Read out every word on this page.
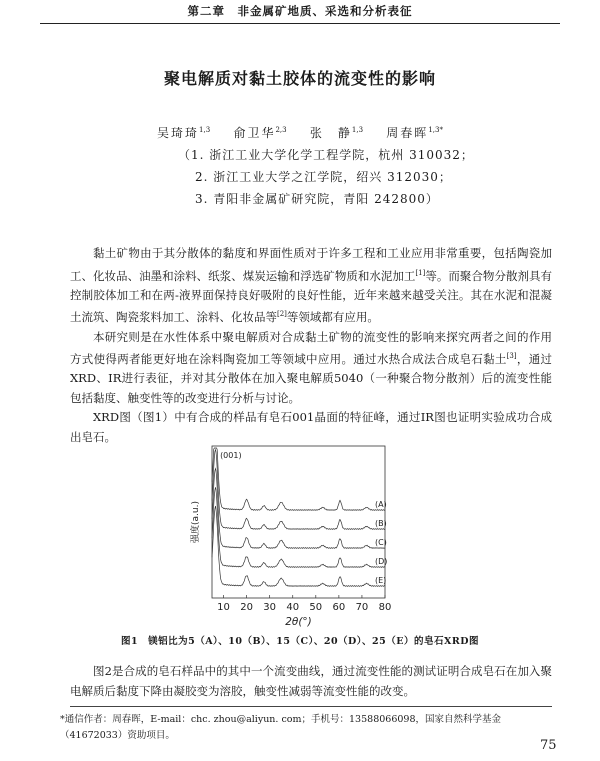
第二章　非金属矿地质、采选和分析表征
聚电解质对黏土胶体的流变性的影响
吴琦琦$^{1,3}$ 俞卫华$^{2,3}$ 张　静$^{1,3}$ 周春晖$^{1,3*}$
（1. 浙江工业大学化学工程学院，杭州 310032；
2. 浙江工业大学之江学院，绍兴 312030；
3. 青阳非金属矿研究院，青阳 242800）

黏土矿物由于其分散体的黏度和界面性质对于许多工程和工业应用非常重要，包括陶瓷加工、化妆品、油墨和涂料、纸浆、煤炭运输和浮选矿物质和水泥加工[1]等。而聚合物分散剂具有控制胶体加工和在两-液界面保持良好吸附的良好性能，近年来越来越受关注。其在水泥和混凝土流筑、陶瓷浆料加工、涂料、化妆品等[2]等领域都有应用。

本研究则是在水性体系中聚电解质对合成黏土矿物的流变性的影响来探究两者之间的作用方式使得两者能更好地在涂料陶瓷加工等领域中应用。通过水热合成法合成皂石黏土[3]，通过XRD、IR进行表征，并对其分散体在加入聚电解质5040（一种聚合物分散剂）后的流变性能包括黏度、触变性等的改变进行分析与讨论。

XRD图（图1）中有合成的样品有皂石001晶面的特征峰，通过IR图也证明实验成功合成出皂石。

10 20 30 40 50 60 70 80
2θ(°)
强度(a.u.)	(A)
(B)
(C)
(D)
(E)
(001)
图1　镁铝比为5（A）、10（B）、15（C）、20（D）、25（E）的皂石XRD图

图2是合成的皂石样品中的其中一个流变曲线，通过流变性能的测试证明合成皂石在加入聚电解质后黏度下降由凝胶变为溶胶，触变性减弱等流变性能的改变。

*通信作者：周春晖，E-mail：chc. zhou@aliyun. com；手机号：13588066098，国家自然科学基金（41672033）资助项目。
75
